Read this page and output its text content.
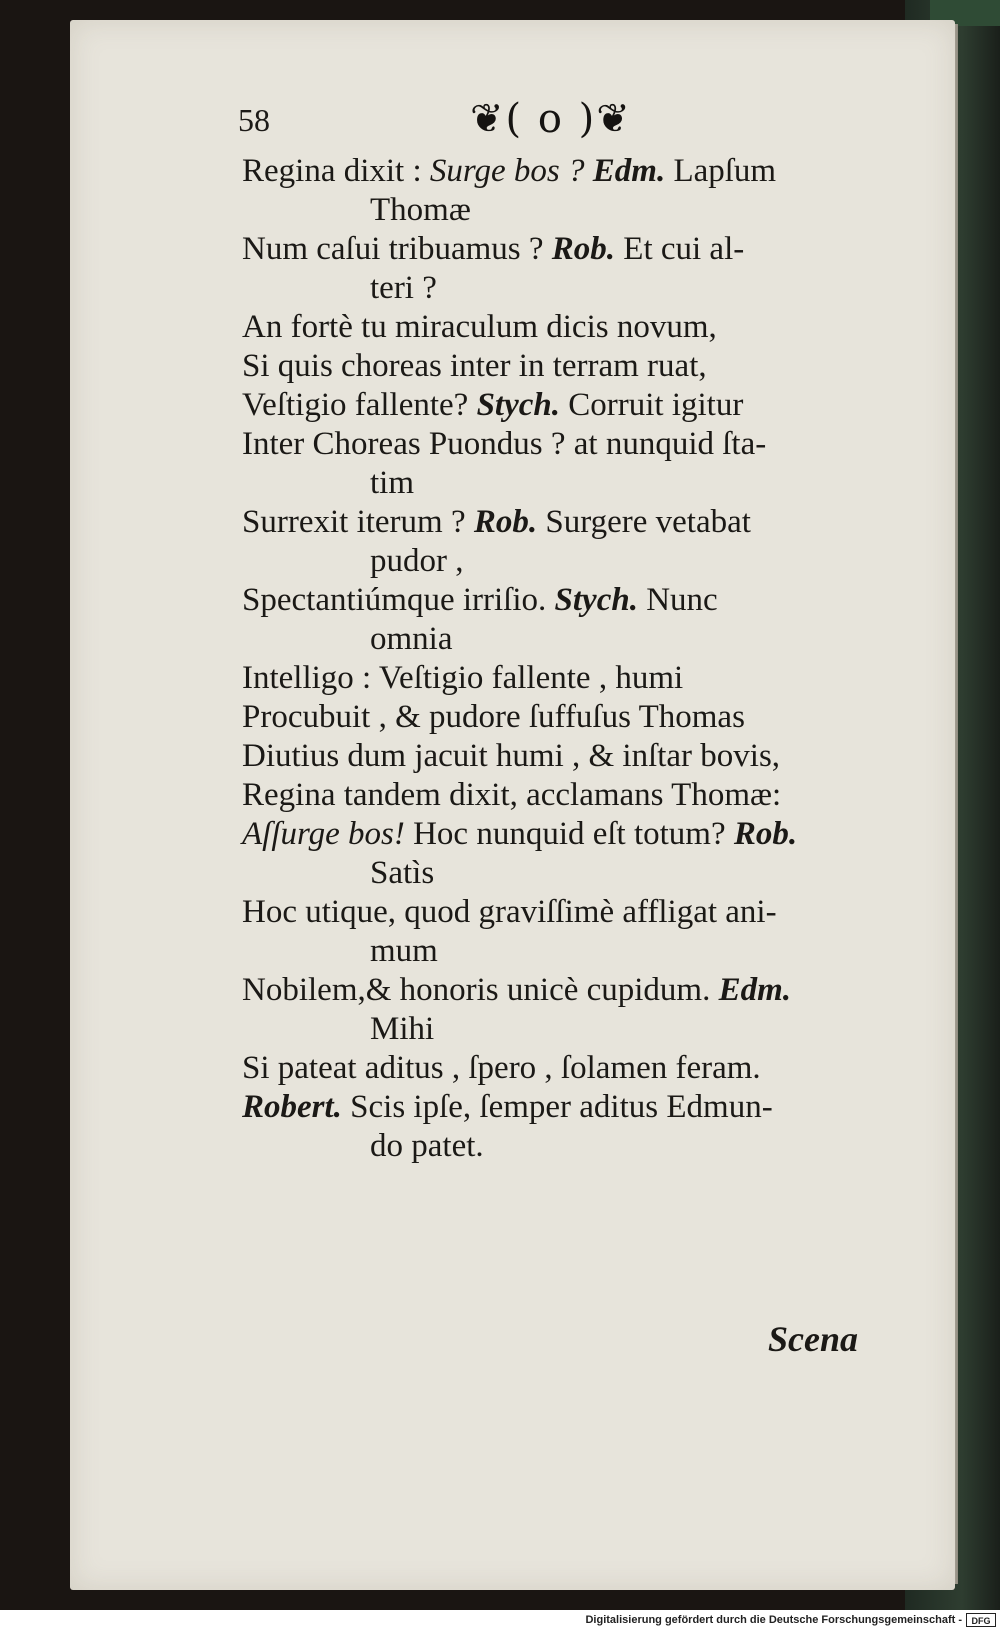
58	❦( o )❦
Regina dixit : Surge bos ? Edm. Lapſum
Thomæ
Num caſui tribuamus ? Rob. Et cui al-
teri ?
An fortè tu miraculum dicis novum,
Si quis choreas inter in terram ruat,
Veſtigio fallente? Stych. Corruit igitur
Inter Choreas Puondus ? at nunquid ſta-
tim
Surrexit iterum ? Rob. Surgere vetabat
pudor ,
Spectantiúmque irriſio. Stych. Nunc
omnia
Intelligo : Veſtigio fallente , humi
Procubuit , & pudore ſuffuſus Thomas
Diutius dum jacuit humi , & inſtar bovis,
Regina tandem dixit, acclamans Thomæ:
Aſſurge bos! Hoc nunquid eſt totum? Rob.
Satìs
Hoc utique, quod graviſſimè affligat ani-
mum
Nobilem,& honoris unicè cupidum. Edm.
Mihi
Si pateat aditus , ſpero , ſolamen feram.
Robert. Scis ipſe, ſemper aditus Edmun-
do patet.
Scena
Digitalisierung gefördert durch die Deutsche Forschungsgemeinschaft -	DFG
